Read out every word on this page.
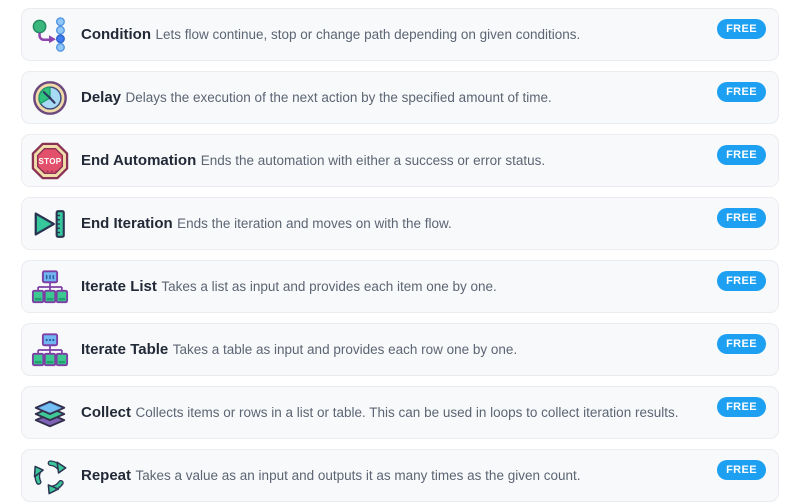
Condition Lets flow continue, stop or change path depending on given conditions.	FREE
Delay Delays the execution of the next action by the specified amount of time.	FREE
STOP End Automation Ends the automation with either a success or error status.	FREE
End Iteration Ends the iteration and moves on with the flow.	FREE
Iterate List Takes a list as input and provides each item one by one.	FREE
Iterate Table Takes a table as input and provides each row one by one.	FREE
Collect Collects items or rows in a list or table. This can be used in loops to collect iteration results.	FREE
Repeat Takes a value as an input and outputs it as many times as the given count.	FREE
